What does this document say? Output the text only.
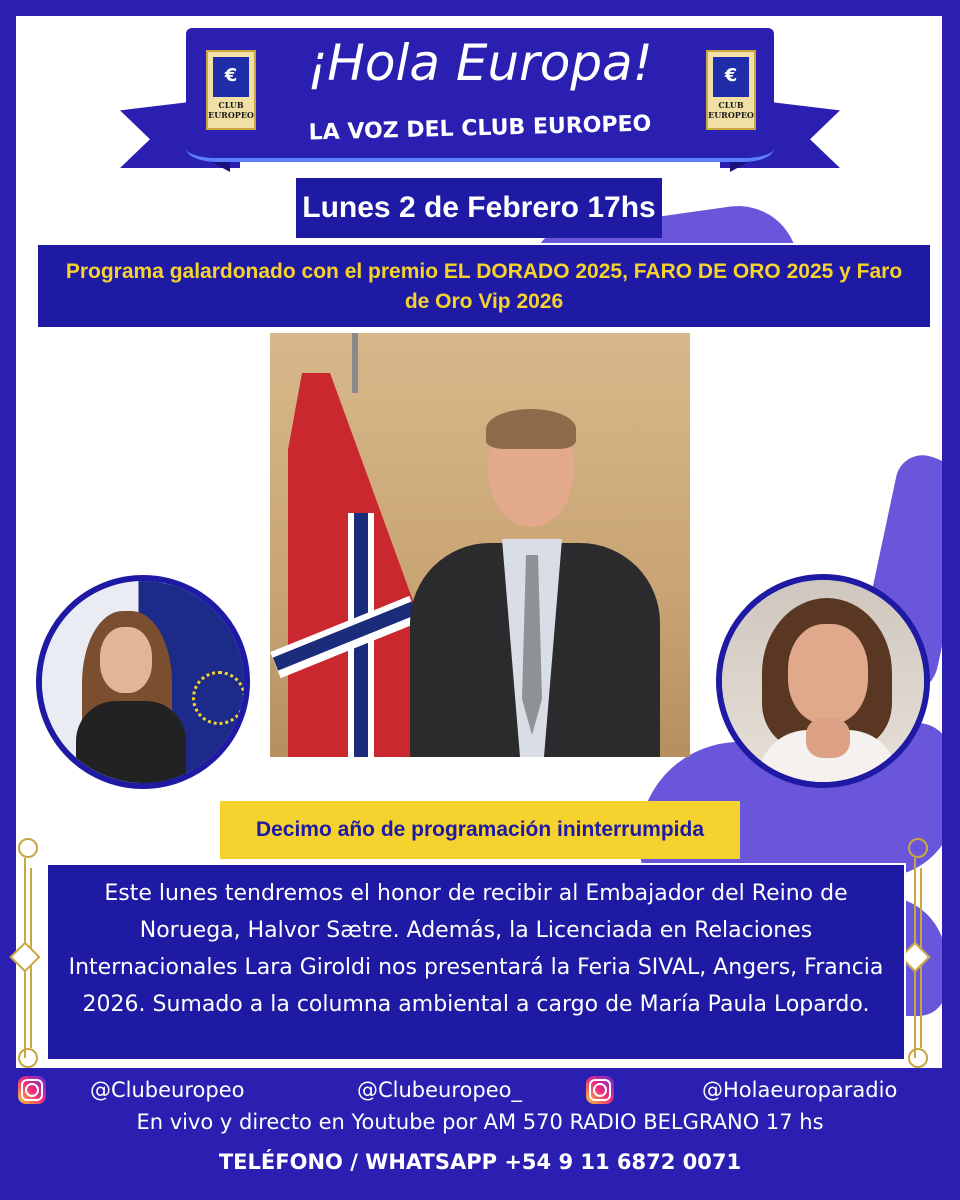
€
CLUB EUROPEO
¡Hola Europa!
LA VOZ DEL CLUB EUROPEO
€
CLUB EUROPEO
Lunes 2 de Febrero 17hs
Programa galardonado con el premio EL DORADO 2025, FARO DE ORO 2025 y Faro de Oro Vip 2026
Decimo año de programación ininterrumpida
Este lunes tendremos el honor de recibir al Embajador del Reino de Noruega, Halvor Sætre. Además, la Licenciada en Relaciones Internacionales Lara Giroldi nos presentará la Feria SIVAL, Angers, Francia 2026. Sumado a la columna ambiental a cargo de María Paula Lopardo.
@Clubeuropeo	@Clubeuropeo_	@Holaeuroparadio
En vivo y directo en Youtube por AM 570 RADIO BELGRANO 17 hs
TELÉFONO / WHATSAPP +54 9 11 6872 0071
